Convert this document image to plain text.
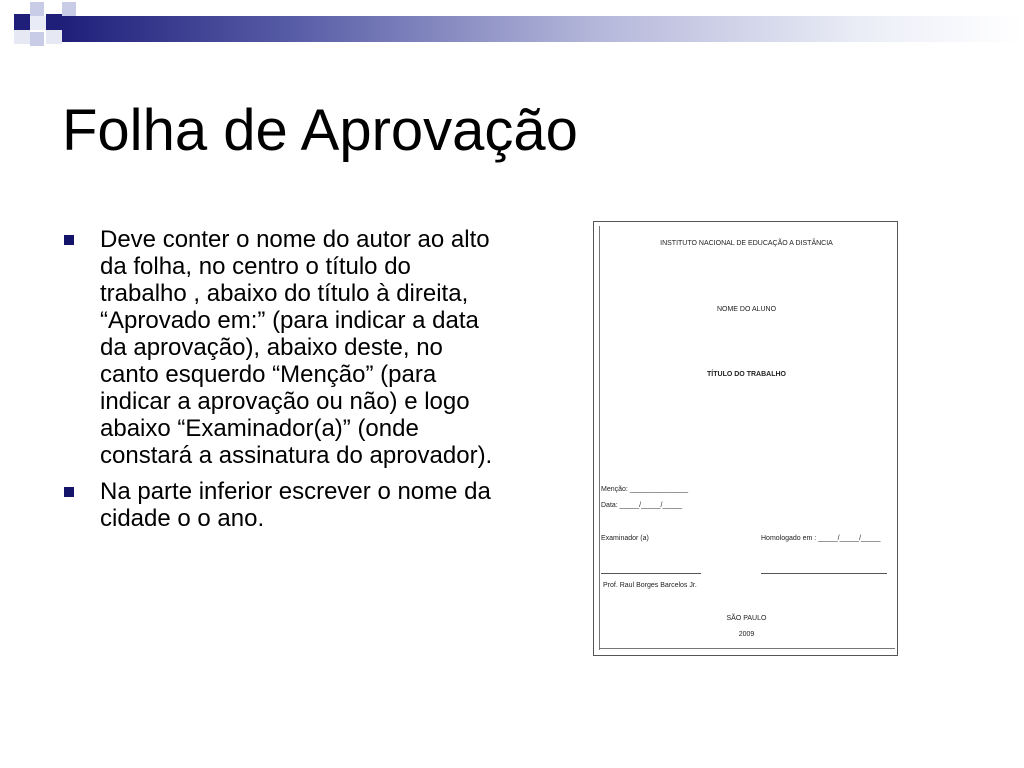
Folha de Aprovação
Deve conter o nome do autor ao alto da folha, no centro o título do trabalho , abaixo do título à direita, “Aprovado em:” (para indicar a data da aprovação), abaixo deste, no canto esquerdo “Menção” (para indicar a aprovação ou não) e logo abaixo “Examinador(a)” (onde constará a assinatura do aprovador).
Na parte inferior escrever o nome da cidade o o ano.
INSTITUTO NACIONAL DE EDUCAÇÃO A DISTÂNCIA
NOME DO ALUNO
TÍTULO DO TRABALHO
Menção: _______________
Data: _____/_____/_____
Examinador (a)	Homologado em : _____/_____/_____
Prof. Raul Borges Barcelos Jr.
SÃO PAULO
2009
